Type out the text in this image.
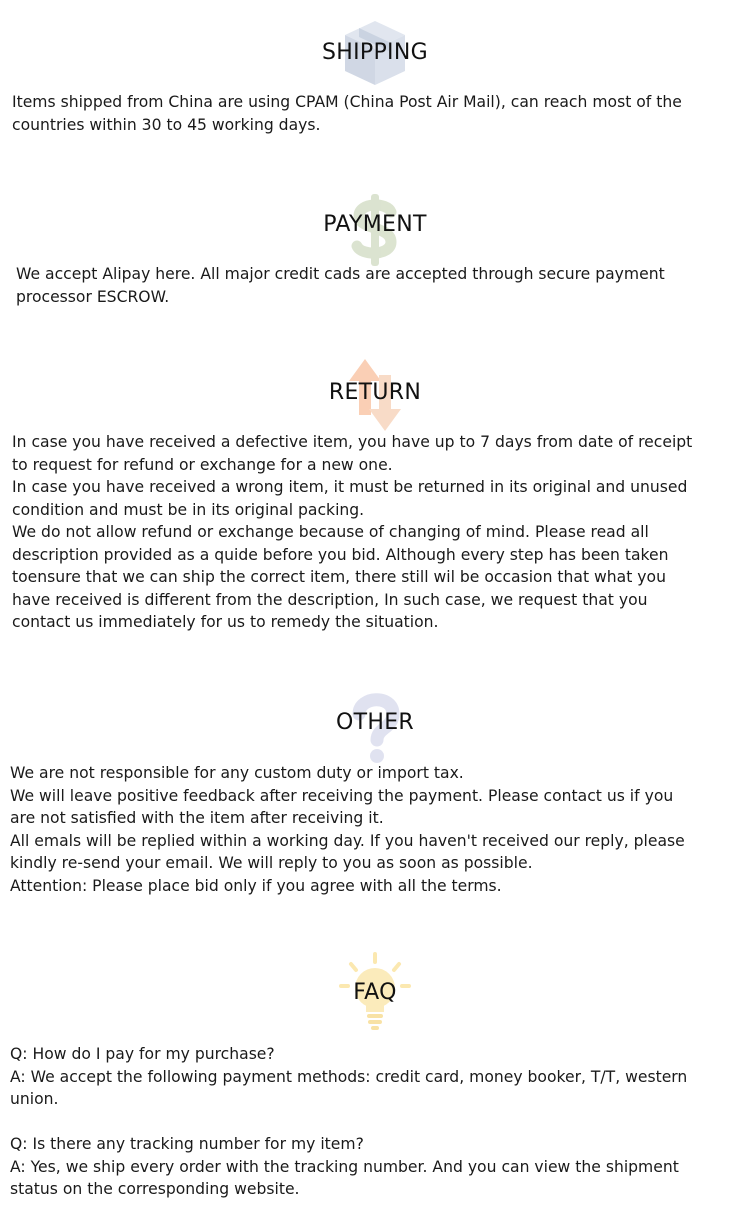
SHIPPING

Items shipped from China are using CPAM (China Post Air Mail), can reach most of the
countries within 30 to 45 working days.

PAYMENT

We accept Alipay here. All major credit cads are accepted through secure payment
processor ESCROW.

RETURN

In case you have received a defective item, you have up to 7 days from date of receipt
to request for refund or exchange for a new one.
In case you have received a wrong item, it must be returned in its original and unused
condition and must be in its original packing.
We do not allow refund or exchange because of changing of mind. Please read all
description provided as a quide before you bid. Although every step has been taken
toensure that we can ship the correct item, there still wil be occasion that what you
have received is different from the description, In such case, we request that you
contact us immediately for us to remedy the situation.

OTHER

We are not responsible for any custom duty or import tax.
We will leave positive feedback after receiving the payment. Please contact us if you
are not satisfied with the item after receiving it.
All emals will be replied within a working day. If you haven't received our reply, please
kindly re-send your email. We will reply to you as soon as possible.
Attention: Please place bid only if you agree with all the terms.

FAQ

Q: How do I pay for my purchase?
A: We accept the following payment methods: credit card, money booker, T/T, western
union.

Q: Is there any tracking number for my item?
A: Yes, we ship every order with the tracking number. And you can view the shipment
status on the corresponding website.
